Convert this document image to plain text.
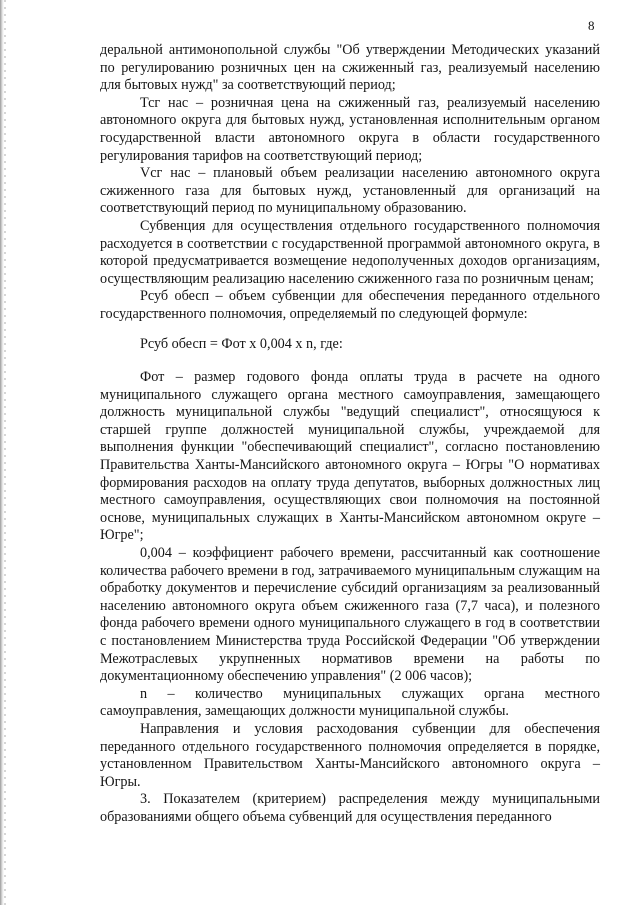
8

деральной антимонопольной службы "Об утверждении Методических указаний по регулированию розничных цен на сжиженный газ, реализуемый населению для бытовых нужд" за соответствующий период;

Тсг нас – розничная цена на сжиженный газ, реализуемый населению автономного округа для бытовых нужд, установленная исполнительным органом государственной власти автономного округа в области государственного регулирования тарифов на соответствующий период;

Vсг нас – плановый объем реализации населению автономного округа сжиженного газа для бытовых нужд, установленный для организаций на соответствующий период по муниципальному образованию.

Субвенция для осуществления отдельного государственного полномочия расходуется в соответствии с государственной программой автономного округа, в которой предусматривается возмещение недополученных доходов организациям, осуществляющим реализацию населению сжиженного газа по розничным ценам;

Рсуб обесп – объем субвенции для обеспечения переданного отдельного государственного полномочия, определяемый по следующей формуле:

Рсуб обесп = Фот x 0,004 x n, где:

Фот – размер годового фонда оплаты труда в расчете на одного муниципального служащего органа местного самоуправления, замещающего должность муниципальной службы "ведущий специалист", относящуюся к старшей группе должностей муниципальной службы, учреждаемой для выполнения функции "обеспечивающий специалист", согласно постановлению Правительства Ханты-Мансийского автономного округа – Югры "О нормативах формирования расходов на оплату труда депутатов, выборных должностных лиц местного самоуправления, осуществляющих свои полномочия на постоянной основе, муниципальных служащих в Ханты-Мансийском автономном округе – Югре";

0,004 – коэффициент рабочего времени, рассчитанный как соотношение количества рабочего времени в год, затрачиваемого муниципальным служащим на обработку документов и перечисление субсидий организациям за реализованный населению автономного округа объем сжиженного газа (7,7 часа), и полезного фонда рабочего времени одного муниципального служащего в год в соответствии с постановлением Министерства труда Российской Федерации "Об утверждении Межотраслевых укрупненных нормативов времени на работы по документационному обеспечению управления" (2 006 часов);

n – количество муниципальных служащих органа местного самоуправления, замещающих должности муниципальной службы.

Направления и условия расходования субвенции для обеспечения переданного отдельного государственного полномочия определяется в порядке, установленном Правительством Ханты-Мансийского автономного округа – Югры.

3. Показателем (критерием) распределения между муниципальными образованиями общего объема субвенций для осуществления переданного
